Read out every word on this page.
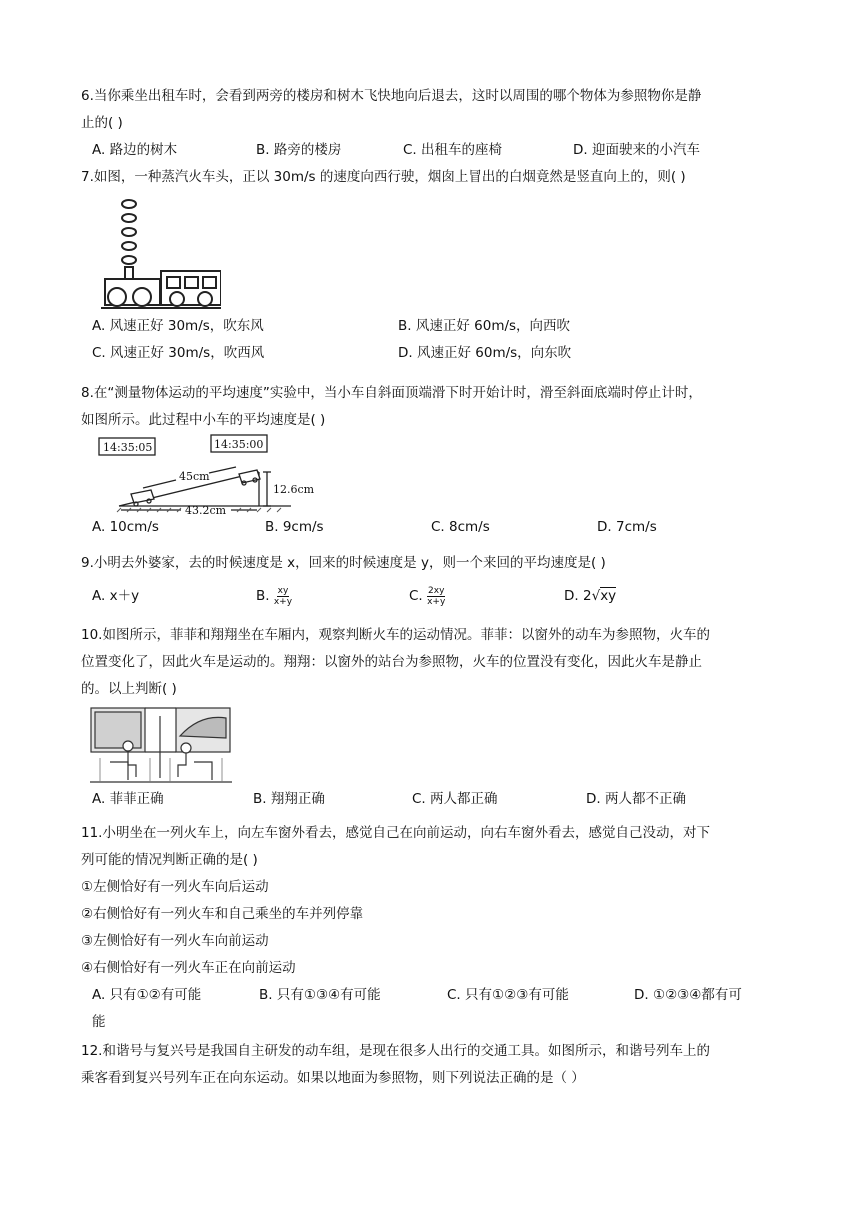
6.当你乘坐出租车时，会看到两旁的楼房和树木飞快地向后退去，这时以周围的哪个物体为参照物你是静
止的( )
A. 路边的树木	B. 路旁的楼房	C. 出租车的座椅	D. 迎面驶来的小汽车
7.如图，一种蒸汽火车头，正以 30m/s 的速度向西行驶，烟囱上冒出的白烟竟然是竖直向上的，则( )
A. 风速正好 30m/s，吹东风	B. 风速正好 60m/s，向西吹
C. 风速正好 30m/s，吹西风	D. 风速正好 60m/s，向东吹
8.在“测量物体运动的平均速度”实验中，当小车自斜面顶端滑下时开始计时，滑至斜面底端时停止计时，
如图所示。此过程中小车的平均速度是( )
14:35:05	14:35:00
45cm
12.6cm
43.2cm
A. 10cm/s	B. 9cm/s	C. 8cm/s	D. 7cm/s
9.小明去外婆家，去的时候速度是 x，回来的时候速度是 y，则一个来回的平均速度是( )
A. x＋y	B. $\frac{xy}{x+y}$	C. $\frac{2xy}{x+y}$	D. 2√xy
10.如图所示，菲菲和翔翔坐在车厢内，观察判断火车的运动情况。菲菲：以窗外的动车为参照物，火车的
位置变化了，因此火车是运动的。翔翔：以窗外的站台为参照物，火车的位置没有变化，因此火车是静止
的。以上判断( )
A. 菲菲正确	B. 翔翔正确	C. 两人都正确	D. 两人都不正确
11.小明坐在一列火车上，向左车窗外看去，感觉自己在向前运动，向右车窗外看去，感觉自己没动，对下
列可能的情况判断正确的是( )
①左侧恰好有一列火车向后运动
②右侧恰好有一列火车和自己乘坐的车并列停靠
③左侧恰好有一列火车向前运动
④右侧恰好有一列火车正在向前运动
A. 只有①②有可能	B. 只有①③④有可能	C. 只有①②③有可能	D. ①②③④都有可
能
12.和谐号与复兴号是我国自主研发的动车组，是现在很多人出行的交通工具。如图所示，和谐号列车上的
乘客看到复兴号列车正在向东运动。如果以地面为参照物，则下列说法正确的是（ ）
